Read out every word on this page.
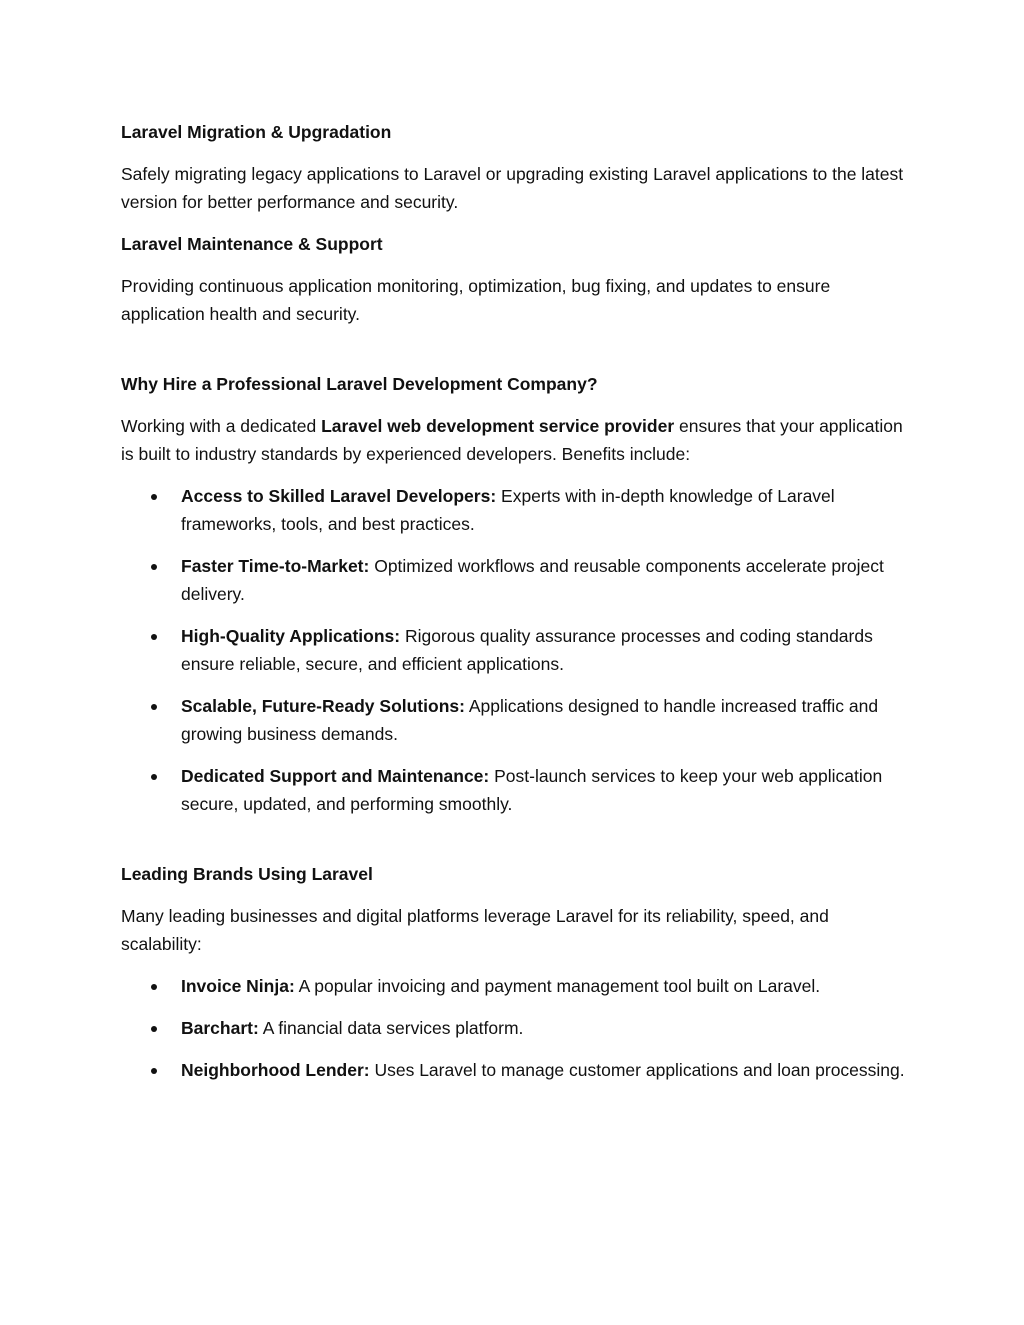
Laravel Migration & Upgradation

Safely migrating legacy applications to Laravel or upgrading existing Laravel applications to the latest version for better performance and security.

Laravel Maintenance & Support

Providing continuous application monitoring, optimization, bug fixing, and updates to ensure application health and security.

Why Hire a Professional Laravel Development Company?

Working with a dedicated Laravel web development service provider ensures that your application is built to industry standards by experienced developers. Benefits include:

Access to Skilled Laravel Developers: Experts with in-depth knowledge of Laravel frameworks, tools, and best practices.
Faster Time-to-Market: Optimized workflows and reusable components accelerate project delivery.
High-Quality Applications: Rigorous quality assurance processes and coding standards ensure reliable, secure, and efficient applications.
Scalable, Future-Ready Solutions: Applications designed to handle increased traffic and growing business demands.
Dedicated Support and Maintenance: Post-launch services to keep your web application secure, updated, and performing smoothly.

Leading Brands Using Laravel

Many leading businesses and digital platforms leverage Laravel for its reliability, speed, and scalability:

Invoice Ninja: A popular invoicing and payment management tool built on Laravel.
Barchart: A financial data services platform.
Neighborhood Lender: Uses Laravel to manage customer applications and loan processing.
